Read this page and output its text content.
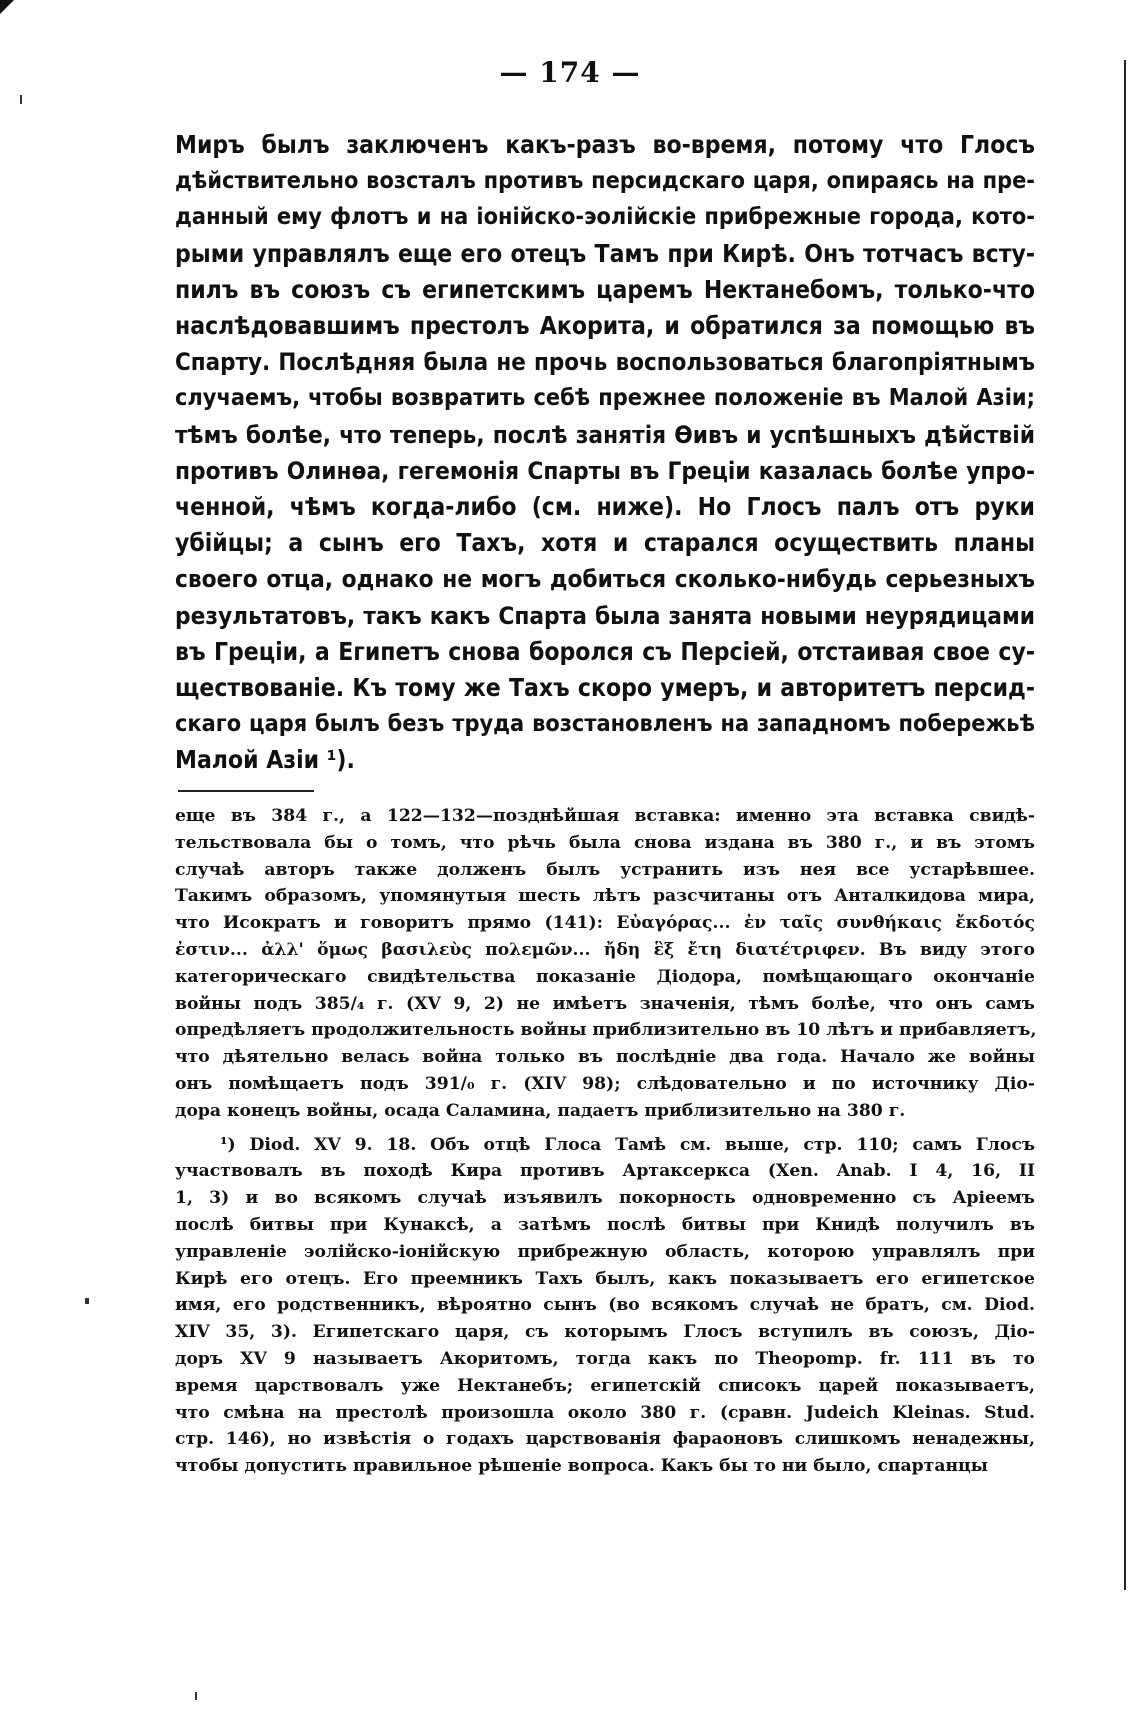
— 174 —
Миръ былъ заключенъ какъ-разъ во-время, потому что Глосъ
дѣйствительно возсталъ противъ персидскаго царя, опираясь на пре-
данный ему флотъ и на іонійско-эолійскіе прибрежные города, кото-
рыми управлялъ еще его отецъ Тамъ при Кирѣ. Онъ тотчасъ всту-
пилъ въ союзъ съ египетскимъ царемъ Нектанебомъ, только-что
наслѣдовавшимъ престолъ Акорита, и обратился за помощью въ
Спарту. Послѣдняя была не прочь воспользоваться благопріятнымъ
случаемъ, чтобы возвратить себѣ прежнее положеніе въ Малой Азіи;
тѣмъ болѣе, что теперь, послѣ занятія Ѳивъ и успѣшныхъ дѣйствій
противъ Олинѳа, гегемонія Спарты въ Греціи казалась болѣе упро-
ченной, чѣмъ когда-либо (см. ниже). Но Глосъ палъ отъ руки
убійцы; а сынъ его Тахъ, хотя и старался осуществить планы
своего отца, однако не могъ добиться сколько-нибудь серьезныхъ
результатовъ, такъ какъ Спарта была занята новыми неурядицами
въ Греціи, а Египетъ снова боролся съ Персіей, отстаивая свое су-
ществованіе. Къ тому же Тахъ скоро умеръ, и авторитетъ персид-
скаго царя былъ безъ труда возстановленъ на западномъ побережьѣ
Малой Азіи ¹).
еще въ 384 г., а 122—132—позднѣйшая вставка: именно эта вставка свидѣ-
тельствовала бы о томъ, что рѣчь была снова издана въ 380 г., и въ этомъ
случаѣ авторъ также долженъ былъ устранить изъ нея все устарѣвшее.
Такимъ образомъ, упомянутыя шесть лѣтъ разсчитаны отъ Анталкидова мира,
что Исократъ и говоритъ прямо (141): Εὐαγόρας... ἐν ταῖς συνθήκαις ἔκδοτός
ἐστιν... ἀλλ' ὅμως βασιλεὺς πολεμῶν... ἤδη ἓξ ἔτη διατέτριφεν. Въ виду этого
категорическаго свидѣтельства показаніе Діодора, помѣщающаго окончаніе
войны подъ 385/₄ г. (XV 9, 2) не имѣетъ значенія, тѣмъ болѣе, что онъ самъ
опредѣляетъ продолжительность войны приблизительно въ 10 лѣтъ и прибавляетъ,
что дѣятельно велась война только въ послѣдніе два года. Начало же войны
онъ помѣщаетъ подъ 391/₀ г. (XIV 98); слѣдовательно и по источнику Діо-
дора конецъ войны, осада Саламина, падаетъ приблизительно на 380 г.
¹) Diod. XV 9. 18. Объ отцѣ Глоса Тамѣ см. выше, стр. 110; самъ Глосъ
участвовалъ въ походѣ Кира противъ Артаксеркса (Xen. Anab. I 4, 16, II
1, 3) и во всякомъ случаѣ изъявилъ покорность одновременно съ Аріеемъ
послѣ битвы при Кунаксѣ, а затѣмъ послѣ битвы при Книдѣ получилъ въ
управленіе эолійско-іонійскую прибрежную область, которою управлялъ при
Кирѣ его отецъ. Его преемникъ Тахъ былъ, какъ показываетъ его египетское
имя, его родственникъ, вѣроятно сынъ (во всякомъ случаѣ не братъ, см. Diod.
XIV 35, 3). Египетскаго царя, съ которымъ Глосъ вступилъ въ союзъ, Діо-
доръ XV 9 называетъ Акоритомъ, тогда какъ по Theopomp. fr. 111 въ то
время царствовалъ уже Нектанебъ; египетскій списокъ царей показываетъ,
что смѣна на престолѣ произошла около 380 г. (сравн. Judeich Kleinas. Stud.
стр. 146), но извѣстія о годахъ царствованія фараоновъ слишкомъ ненадежны,
чтобы допустить правильное рѣшеніе вопроса. Какъ бы то ни было, спартанцы
